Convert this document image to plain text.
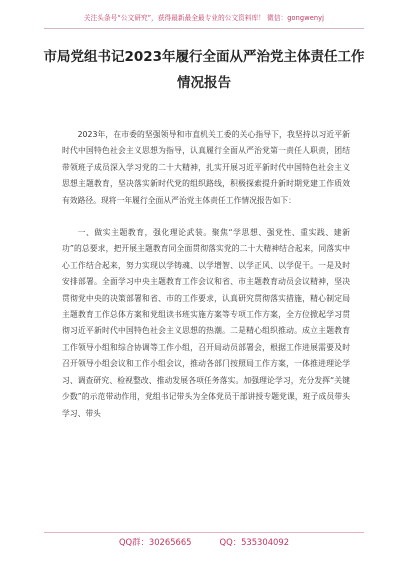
关注头条号“公文研究”，获得最新最全最专业的公文资料库！ 微信：gongwenyj
市局党组书记2023年履行全面从严治党主体责任工作情况报告

2023年，在市委的坚强领导和市直机关工委的关心指导下，我坚持以习近平新时代中国特色社会主义思想为指导，认真履行全面从严治党第一责任人职责，团结带领班子成员深入学习党的二十大精神，扎实开展习近平新时代中国特色社会主义思想主题教育，坚决落实新时代党的组织路线，积极探索提升新时期党建工作质效有效路径。现将一年履行全面从严治党主体责任工作情况报告如下：

一、做实主题教育，强化理论武装。聚焦“学思想、强党性、重实践、建新功”的总要求，把开展主题教育同全面贯彻落实党的二十大精神结合起来，同落实中心工作结合起来，努力实现以学铸魂、以学增智、以学正风、以学促干。一是及时安排部署。全面学习中央主题教育工作会议和省、市主题教育动员会议精神，坚决贯彻党中央的决策部署和省、市的工作要求，认真研究贯彻落实措施，精心制定局主题教育工作总体方案和党组读书班实施方案等专项工作方案，全方位掀起学习贯彻习近平新时代中国特色社会主义思想的热潮。二是精心组织推动。成立主题教育工作领导小组和综合协调等工作小组，召开局动员部署会，根据工作进展需要及时召开领导小组会议和工作小组会议，推动各部门按照局工作方案，一体推进理论学习、调查研究、检视整改、推动发展各项任务落实。加强理论学习，充分发挥“关键少数”的示范带动作用，党组书记带头为全体党员干部讲授专题党课，班子成员带头学习、带头

QQ群：30265665	QQ：535304092
